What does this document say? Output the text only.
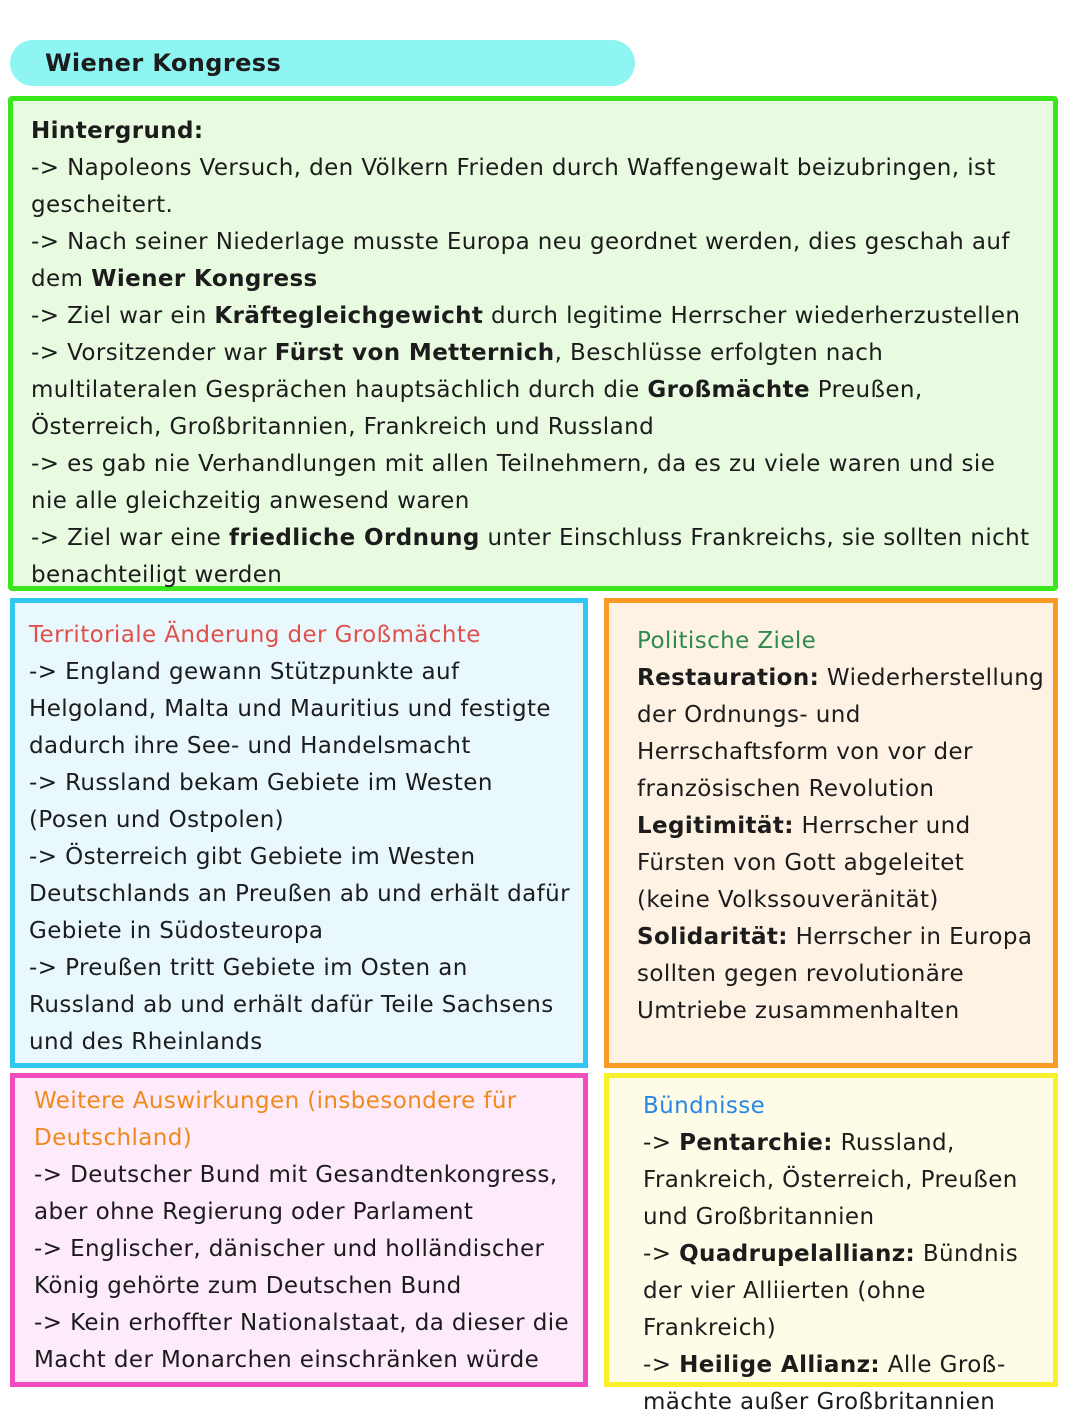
Wiener Kongress

Hintergrund:

-> Napoleons Versuch, den Völkern Frieden durch Waffengewalt beizubringen, ist gescheitert.

-> Nach seiner Niederlage musste Europa neu geordnet werden, dies geschah auf dem Wiener Kongress

-> Ziel war ein Kräftegleichgewicht durch legitime Herrscher wiederherzustellen

-> Vorsitzender war Fürst von Metternich, Beschlüsse erfolgten nach multilateralen Gesprächen hauptsächlich durch die Großmächte Preußen, Österreich, Großbritannien, Frankreich und Russland

-> es gab nie Verhandlungen mit allen Teilnehmern, da es zu viele waren und sie nie alle gleichzeitig anwesend waren

-> Ziel war eine friedliche Ordnung unter Einschluss Frankreichs, sie sollten nicht benachteiligt werden

Territoriale Änderung der Großmächte

-> England gewann Stützpunkte auf Helgoland, Malta und Mauritius und festigte dadurch ihre See- und Handelsmacht

-> Russland bekam Gebiete im Westen (Posen und Ostpolen)

-> Österreich gibt Gebiete im Westen Deutschlands an Preußen ab und erhält dafür Gebiete in Südosteuropa

-> Preußen tritt Gebiete im Osten an Russland ab und erhält dafür Teile Sachsens und des Rheinlands

Politische Ziele

Restauration: Wiederherstellung der Ordnungs- und Herrschaftsform von vor der französischen Revolution

Legitimität: Herrscher und Fürsten von Gott abgeleitet (keine Volkssouveränität)

Solidarität: Herrscher in Europa sollten gegen revolutionäre Umtriebe zusammenhalten

Weitere Auswirkungen (insbesondere für Deutschland)

-> Deutscher Bund mit Gesandtenkongress, aber ohne Regierung oder Parlament

-> Englischer, dänischer und holländischer König gehörte zum Deutschen Bund

-> Kein erhoffter Nationalstaat, da dieser die Macht der Monarchen einschränken würde

Bündnisse

-> Pentarchie: Russland, Frankreich, Österreich, Preußen und Großbritannien

-> Quadrupelallianz: Bündnis der vier Alliierten (ohne Frankreich)

-> Heilige Allianz: Alle Groß- mächte außer Großbritannien
